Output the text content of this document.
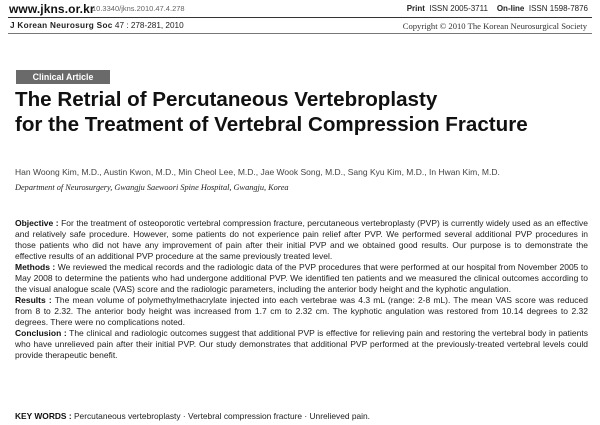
www.jkns.or.kr
10.3340/jkns.2010.47.4.278	Print ISSN 2005-3711 On-line ISSN 1598-7876
J Korean Neurosurg Soc 47 : 278-281, 2010	Copyright © 2010 The Korean Neurosurgical Society
Clinical Article
The Retrial of Percutaneous Vertebroplasty
for the Treatment of Vertebral Compression Fracture
Han Woong Kim, M.D., Austin Kwon, M.D., Min Cheol Lee, M.D., Jae Wook Song, M.D., Sang Kyu Kim, M.D., In Hwan Kim, M.D.
Department of Neurosurgery, Gwangju Saewoori Spine Hospital, Gwangju, Korea

Objective : For the treatment of osteoporotic vertebral compression fracture, percutaneous vertebroplasty (PVP) is currently widely used as an effective and relatively safe procedure. However, some patients do not experience pain relief after PVP. We performed several additional PVP procedures in those patients who did not have any improvement of pain after their initial PVP and we obtained good results. Our purpose is to demonstrate the effective results of an additional PVP procedure at the same previously treated level.

Methods : We reviewed the medical records and the radiologic data of the PVP procedures that were performed at our hospital from November 2005 to May 2008 to determine the patients who had undergone additional PVP. We identified ten patients and we measured the clinical outcomes according to the visual analogue scale (VAS) score and the radiologic parameters, including the anterior body height and the kyphotic angulation.

Results : The mean volume of polymethylmethacrylate injected into each vertebrae was 4.3 mL (range: 2-8 mL). The mean VAS score was reduced from 8 to 2.32. The anterior body height was increased from 1.7 cm to 2.32 cm. The kyphotic angulation was restored from 10.14 degrees to 2.32 degrees. There were no complications noted.

Conclusion : The clinical and radiologic outcomes suggest that additional PVP is effective for relieving pain and restoring the vertebral body in patients who have unrelieved pain after their initial PVP. Our study demonstrates that additional PVP performed at the previously-treated vertebral levels could provide therapeutic benefit.

KEY WORDS : Percutaneous vertebroplasty · Vertebral compression fracture · Unrelieved pain.
